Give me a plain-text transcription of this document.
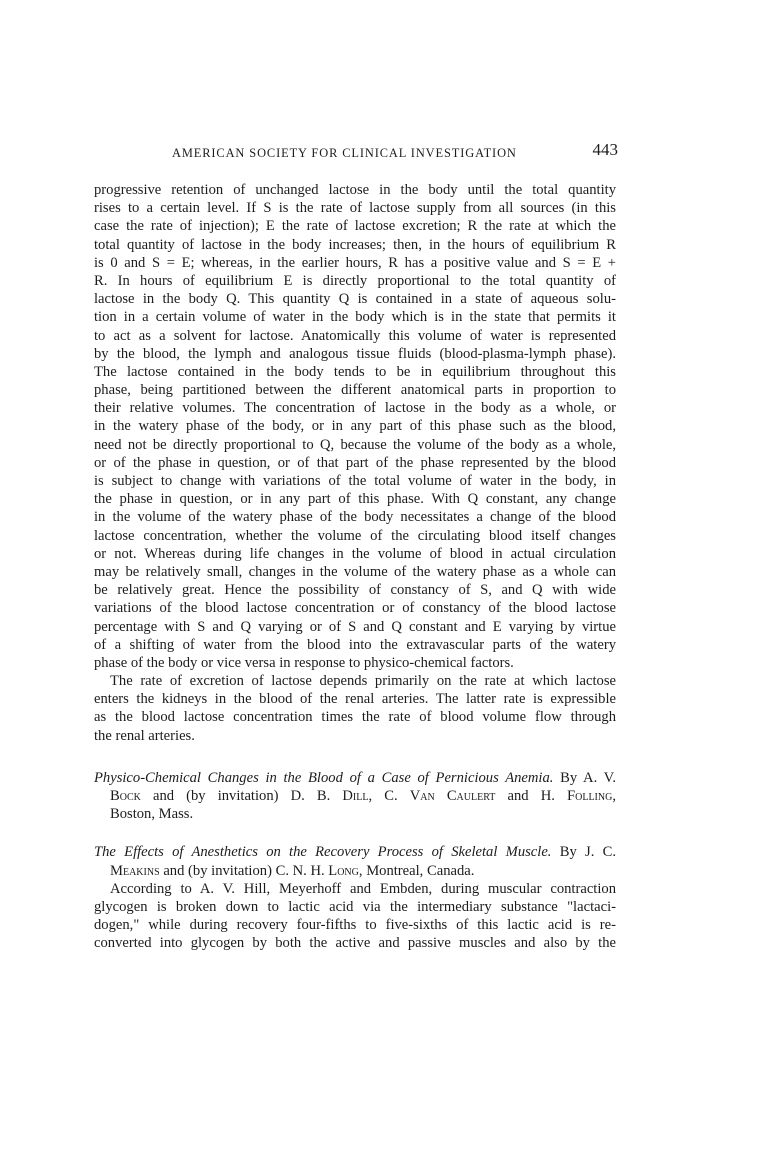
AMERICAN SOCIETY FOR CLINICAL INVESTIGATION	443
progressive retention of unchanged lactose in the body until the total quantity
rises to a certain level. If S is the rate of lactose supply from all sources (in this
case the rate of injection); E the rate of lactose excretion; R the rate at which the
total quantity of lactose in the body increases; then, in the hours of equilibrium R
is 0 and S = E; whereas, in the earlier hours, R has a positive value and S = E +
R. In hours of equilibrium E is directly proportional to the total quantity of
lactose in the body Q. This quantity Q is contained in a state of aqueous solu-
tion in a certain volume of water in the body which is in the state that permits it
to act as a solvent for lactose. Anatomically this volume of water is represented
by the blood, the lymph and analogous tissue fluids (blood-plasma-lymph phase).
The lactose contained in the body tends to be in equilibrium throughout this
phase, being partitioned between the different anatomical parts in proportion to
their relative volumes. The concentration of lactose in the body as a whole, or
in the watery phase of the body, or in any part of this phase such as the blood,
need not be directly proportional to Q, because the volume of the body as a whole,
or of the phase in question, or of that part of the phase represented by the blood
is subject to change with variations of the total volume of water in the body, in
the phase in question, or in any part of this phase. With Q constant, any change
in the volume of the watery phase of the body necessitates a change of the blood
lactose concentration, whether the volume of the circulating blood itself changes
or not. Whereas during life changes in the volume of blood in actual circulation
may be relatively small, changes in the volume of the watery phase as a whole can
be relatively great. Hence the possibility of constancy of S, and Q with wide
variations of the blood lactose concentration or of constancy of the blood lactose
percentage with S and Q varying or of S and Q constant and E varying by virtue
of a shifting of water from the blood into the extravascular parts of the watery
phase of the body or vice versa in response to physico-chemical factors.
The rate of excretion of lactose depends primarily on the rate at which lactose
enters the kidneys in the blood of the renal arteries. The latter rate is expressible
as the blood lactose concentration times the rate of blood volume flow through
the renal arteries.
Physico-Chemical Changes in the Blood of a Case of Pernicious Anemia. By A. V.
Bock and (by invitation) D. B. Dill, C. Van Caulert and H. Folling,
Boston, Mass.
The Effects of Anesthetics on the Recovery Process of Skeletal Muscle. By J. C.
Meakins and (by invitation) C. N. H. Long, Montreal, Canada.
According to A. V. Hill, Meyerhoff and Embden, during muscular contraction
glycogen is broken down to lactic acid via the intermediary substance "lactaci-
dogen," while during recovery four-fifths to five-sixths of this lactic acid is re-
converted into glycogen by both the active and passive muscles and also by the
